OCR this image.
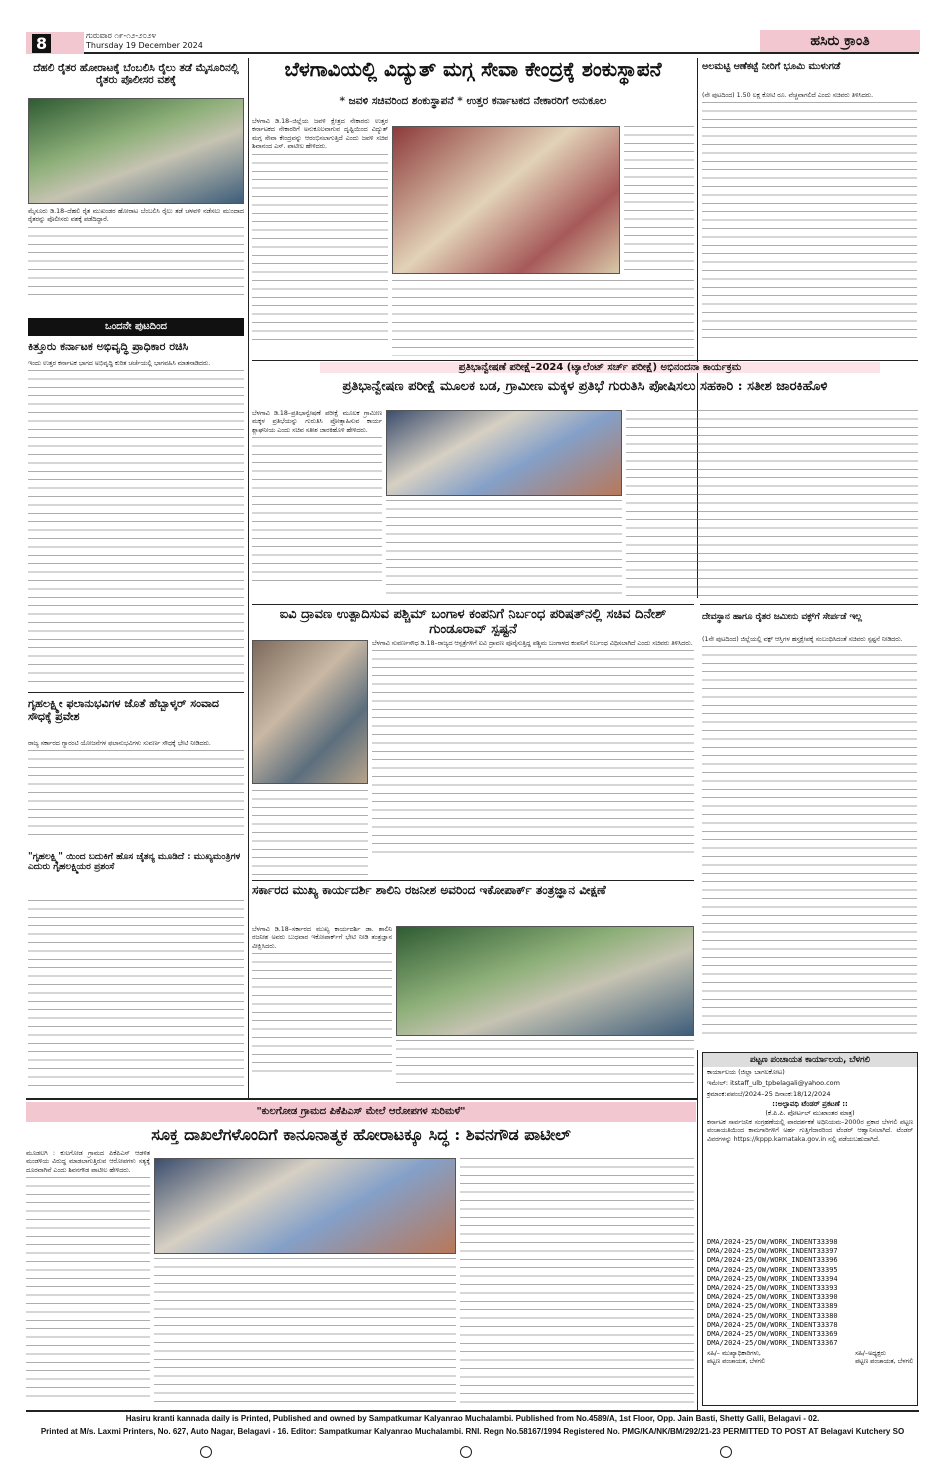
8	ಗುರುವಾರ ೧೯-೧೨-೨೦೨೪
Thursday 19 December 2024	ಹಸಿರು ಕ್ರಾಂತಿ
ದೆಹಲಿ ರೈತರ ಹೋರಾಟಕ್ಕೆ ಬೆಂಬಲಿಸಿ ರೈಲು ತಡೆ ಮೈಸೂರಿನಲ್ಲಿ ರೈತರು ಪೊಲೀಸರ ವಶಕ್ಕೆ
ಮೈಸೂರು ಡಿ.18–ದೆಹಲಿ ರೈತ ಮುಖಂಡರ ಹೋರಾಟ ಬೆಂಬಲಿಸಿ ರೈಲು ತಡೆ ಚಳವಳಿ ನಡೆಸಲು ಮುಂದಾದ ರೈತರನ್ನು ಪೊಲೀಸರು ವಶಕ್ಕೆ ಪಡೆದಿದ್ದಾರೆ.
ಒಂದನೇ ಪುಟದಿಂದ
ಕಿತ್ತೂರು ಕರ್ನಾಟಕ ಅಭಿವೃದ್ಧಿ ಪ್ರಾಧಿಕಾರ ರಚಿಸಿ
ಇಂದು ಉತ್ತರ ಕರ್ನಾಟಕ ಭಾಗದ ಅಭಿವೃದ್ಧಿ ಕುರಿತ ಚರ್ಚೆಯಲ್ಲಿ ಭಾಗವಹಿಸಿ ಮಾತನಾಡಿದರು.
ಗೃಹಲಕ್ಷ್ಮೀ ಫಲಾನುಭವಿಗಳ ಜೊತೆ ಹೆಬ್ಬಾಳ್ಕರ್ ಸಂವಾದ ಸೌಧಕ್ಕೆ ಪ್ರವೇಶ
ರಾಜ್ಯ ಸರ್ಕಾರದ ಗ್ಯಾರಂಟಿ ಯೋಜನೆಗಳ ಫಲಾನುಭವಿಗಳು ಸುವರ್ಣ ಸೌಧಕ್ಕೆ ಭೇಟಿ ನೀಡಿದರು.
"ಗೃಹಲಕ್ಷ್ಮಿ" ಯಿಂದ ಬದುಕಿಗೆ ಹೊಸ ಚೈತನ್ಯ ಮೂಡಿದೆ : ಮುಖ್ಯಮಂತ್ರಿಗಳ ಎದುರು ಗೃಹಲಕ್ಷ್ಮಿಯರ ಪ್ರಶಂಸೆ
ಬೆಳಗಾವಿಯಲ್ಲಿ ವಿದ್ಯುತ್ ಮಗ್ಗ ಸೇವಾ ಕೇಂದ್ರಕ್ಕೆ ಶಂಕುಸ್ಥಾಪನೆ
* ಜವಳಿ ಸಚಿವರಿಂದ ಶಂಕುಸ್ಥಾಪನೆ * ಉತ್ತರ ಕರ್ನಾಟಕದ ನೇಕಾರರಿಗೆ ಅನುಕೂಲ
ಬೆಳಗಾವಿ ಡಿ.18–ಜಿಲ್ಲೆಯ ಜವಳಿ ಕ್ಷೇತ್ರದ ನೇಕಾರರು ಉತ್ತರ ಕರ್ನಾಟಕದ ನೇಕಾರರಿಗೆ ಅನುಕೂಲವಾಗುವ ದೃಷ್ಟಿಯಿಂದ ವಿದ್ಯುತ್ ಮಗ್ಗ ಸೇವಾ ಕೇಂದ್ರವನ್ನು ಆರಂಭಿಸಲಾಗುತ್ತಿದೆ ಎಂದು ಜವಳಿ ಸಚಿವ ಶಿವಾನಂದ ಎಸ್. ಪಾಟೀಲ ಹೇಳಿದರು.
ಅಲಮಟ್ಟಿ ಆಣೆಕಟ್ಟೆ ನೀರಿಗೆ ಭೂಮಿ ಮುಳುಗಡೆ
(ನೇ ಪುಟದಿಂದ) 1.50 ಲಕ್ಷ ಕೋಟಿ ರೂ. ವೆಚ್ಚವಾಗಲಿದೆ ಎಂದು ಸಚಿವರು ತಿಳಿಸಿದರು.
ಪ್ರತಿಭಾನ್ವೇಷಣೆ ಪರೀಕ್ಷೆ–2024 (ಟ್ಯಾಲೆಂಟ್ ಸರ್ಚ್ ಪರೀಕ್ಷೆ) ಅಭಿನಂದನಾ ಕಾರ್ಯಕ್ರಮ
ಪ್ರತಿಭಾನ್ವೇಷಣ ಪರೀಕ್ಷೆ ಮೂಲಕ ಬಡ, ಗ್ರಾಮೀಣ ಮಕ್ಕಳ ಪ್ರತಿಭೆ ಗುರುತಿಸಿ ಪೋಷಿಸಲು ಸಹಕಾರಿ : ಸತೀಶ ಜಾರಕಿಹೊಳಿ
ಬೆಳಗಾವಿ ಡಿ.18–ಪ್ರತಿಭಾನ್ವೇಷಣೆ ಪರೀಕ್ಷೆ ಮೂಲಕ ಗ್ರಾಮೀಣ ಮಕ್ಕಳ ಪ್ರತಿಭೆಯನ್ನು ಗುರುತಿಸಿ ಪ್ರೋತ್ಸಾಹಿಸುವ ಕಾರ್ಯ ಶ್ಲಾಘನೀಯ ಎಂದು ಸಚಿವ ಸತೀಶ ಜಾರಕಿಹೊಳಿ ಹೇಳಿದರು.
ಐವಿ ದ್ರಾವಣ ಉತ್ಪಾದಿಸುವ ಪಶ್ಚಿಮ್ ಬಂಗಾಳ ಕಂಪನಿಗೆ ನಿರ್ಬಂಧ ಪರಿಷತ್‌ನಲ್ಲಿ ಸಚಿವ ದಿನೇಶ್ ಗುಂಡೂರಾವ್ ಸ್ಪಷ್ಟನೆ
ಬೆಳಗಾವಿ ಸುವರ್ಣಸೌಧ ಡಿ.18–ರಾಜ್ಯದ ಆಸ್ಪತ್ರೆಗಳಿಗೆ ಐವಿ ದ್ರಾವಣ ಪೂರೈಸುತ್ತಿದ್ದ ಪಶ್ಚಿಮ ಬಂಗಾಳದ ಕಂಪನಿಗೆ ನಿರ್ಬಂಧ ವಿಧಿಸಲಾಗಿದೆ ಎಂದು ಸಚಿವರು ತಿಳಿಸಿದರು.
ದೇವಸ್ಥಾನ ಹಾಗೂ ರೈತರ ಜಮೀನು ವಕ್ಫ್‌ಗೆ ಸೇರ್ಪಡೆ ಇಲ್ಲ
(1ನೇ ಪುಟದಿಂದ) ಜಿಲ್ಲೆಯಲ್ಲಿ ವಕ್ಫ್ ಆಸ್ತಿಗಳ ಹಸ್ತಕ್ಷೇಪಕ್ಕೆ ಸಂಬಂಧಿಸಿದಂತೆ ಸಚಿವರು ಸ್ಪಷ್ಟನೆ ನೀಡಿದರು.
ಸರ್ಕಾರದ ಮುಖ್ಯ ಕಾರ್ಯದರ್ಶಿ ಶಾಲಿನಿ ರಜನೀಶ ಅವರಿಂದ ಇಕೋಪಾರ್ಕ್ ತಂತ್ರಜ್ಞಾನ ವೀಕ್ಷಣೆ
ಬೆಳಗಾವಿ ಡಿ.18–ಸರ್ಕಾರದ ಮುಖ್ಯ ಕಾರ್ಯದರ್ಶಿ ಡಾ. ಶಾಲಿನಿ ರಜನೀಶ ಅವರು ಬುಧವಾರ ಇಕೋಪಾರ್ಕ್‌ಗೆ ಭೇಟಿ ನೀಡಿ ತಂತ್ರಜ್ಞಾನ ವೀಕ್ಷಿಸಿದರು.
"ಕುಲಗೋಡ ಗ್ರಾಮದ ಪಿಕೆಪಿಎಸ್ ಮೇಲೆ ಆರೋಪಗಳ ಸುರಿಮಳೆ"
ಸೂಕ್ತ ದಾಖಲೆಗಳೊಂದಿಗೆ ಕಾನೂನಾತ್ಮಕ ಹೋರಾಟಕ್ಕೂ ಸಿದ್ಧ : ಶಿವನಗೌಡ ಪಾಟೀಲ್
ಮೂಡಲಗಿ : ಕುಲಗೋಡ ಗ್ರಾಮದ ಪಿಕೆಪಿಎಸ್ ಆಡಳಿತ ಮಂಡಳಿಯ ವಿರುದ್ಧ ಮಾಡಲಾಗುತ್ತಿರುವ ಆರೋಪಗಳು ಸತ್ಯಕ್ಕೆ ದೂರವಾಗಿವೆ ಎಂದು ಶಿವನಗೌಡ ಪಾಟೀಲ ಹೇಳಿದರು.
ಪಟ್ಟಣ ಪಂಚಾಯತ ಕಾರ್ಯಾಲಯ, ಬೆಳಗಲಿ
ಕಾರ್ಯಾಲಯ (ಜಿಲ್ಲಾ ಬಾಗಲಕೋಟ)
ಇಮೇಲ್: itstaff_ulb_tpbelagali@yahoo.com
ಕ್ರಮಾಂಕ:ಪಪಂಬೆ/2024–25 ದಿನಾಂಕ:18/12/2024
::ಅಲ್ಪಾವಧಿ ಟೆಂಡರ್ ಪ್ರಕಟಣೆ ::
(ಕೆ.ಪಿ.ಪಿ. ಪೋರ್ಟಲ್ ಮುಖಾಂತರ ಮಾತ್ರ)
ಕರ್ನಾಟಕ ಸಾರ್ವಜನಿಕ ಸಂಗ್ರಹಣೆಯಲ್ಲಿ ಪಾರದರ್ಶಕತೆ ಅಧಿನಿಯಮ–2000ರ ಪ್ರಕಾರ ಬೆಳಗಲಿ ಪಟ್ಟಣ ಪಂಚಾಯತಿಯಿಂದ ಕಾಮಗಾರಿಗಳಿಗೆ ಅರ್ಹ ಗುತ್ತಿಗೆದಾರರಿಂದ ಟೆಂಡರ್ ಆಹ್ವಾನಿಸಲಾಗಿದೆ. ಟೆಂಡರ್ ವಿವರಗಳನ್ನು https://kppp.karnataka.gov.in ನಲ್ಲಿ ಪಡೆಯಬಹುದಾಗಿದೆ.
DMA/2024-25/OW/WORK_INDENT33398
DMA/2024-25/OW/WORK_INDENT33397
DMA/2024-25/OW/WORK_INDENT33396
DMA/2024-25/OW/WORK_INDENT33395
DMA/2024-25/OW/WORK_INDENT33394
DMA/2024-25/OW/WORK_INDENT33393
DMA/2024-25/OW/WORK_INDENT33390
DMA/2024-25/OW/WORK_INDENT33389
DMA/2024-25/OW/WORK_INDENT33380
DMA/2024-25/OW/WORK_INDENT33378
DMA/2024-25/OW/WORK_INDENT33369
DMA/2024-25/OW/WORK_INDENT33367
ಸಹಿ/– ಮುಖ್ಯಾಧಿಕಾರಿಗಳು,
ಪಟ್ಟಣ ಪಂಚಾಯತ, ಬೆಳಗಲಿ
ಸಹಿ/–ಅಧ್ಯಕ್ಷರು
ಪಟ್ಟಣ ಪಂಚಾಯತ, ಬೆಳಗಲಿ
Hasiru kranti kannada daily is Printed, Published and owned by Sampatkumar Kalyanrao Muchalambi. Published from No.4589/A, 1st Floor, Opp. Jain Basti, Shetty Galli, Belagavi - 02.
Printed at M/s. Laxmi Printers, No. 627, Auto Nagar, Belagavi - 16. Editor: Sampatkumar Kalyanrao Muchalambi. RNI. Regn No.58167/1994 Registered No. PMG/KA/NK/BM/292/21-23 PERMITTED TO POST AT Belagavi Kutchery SO
